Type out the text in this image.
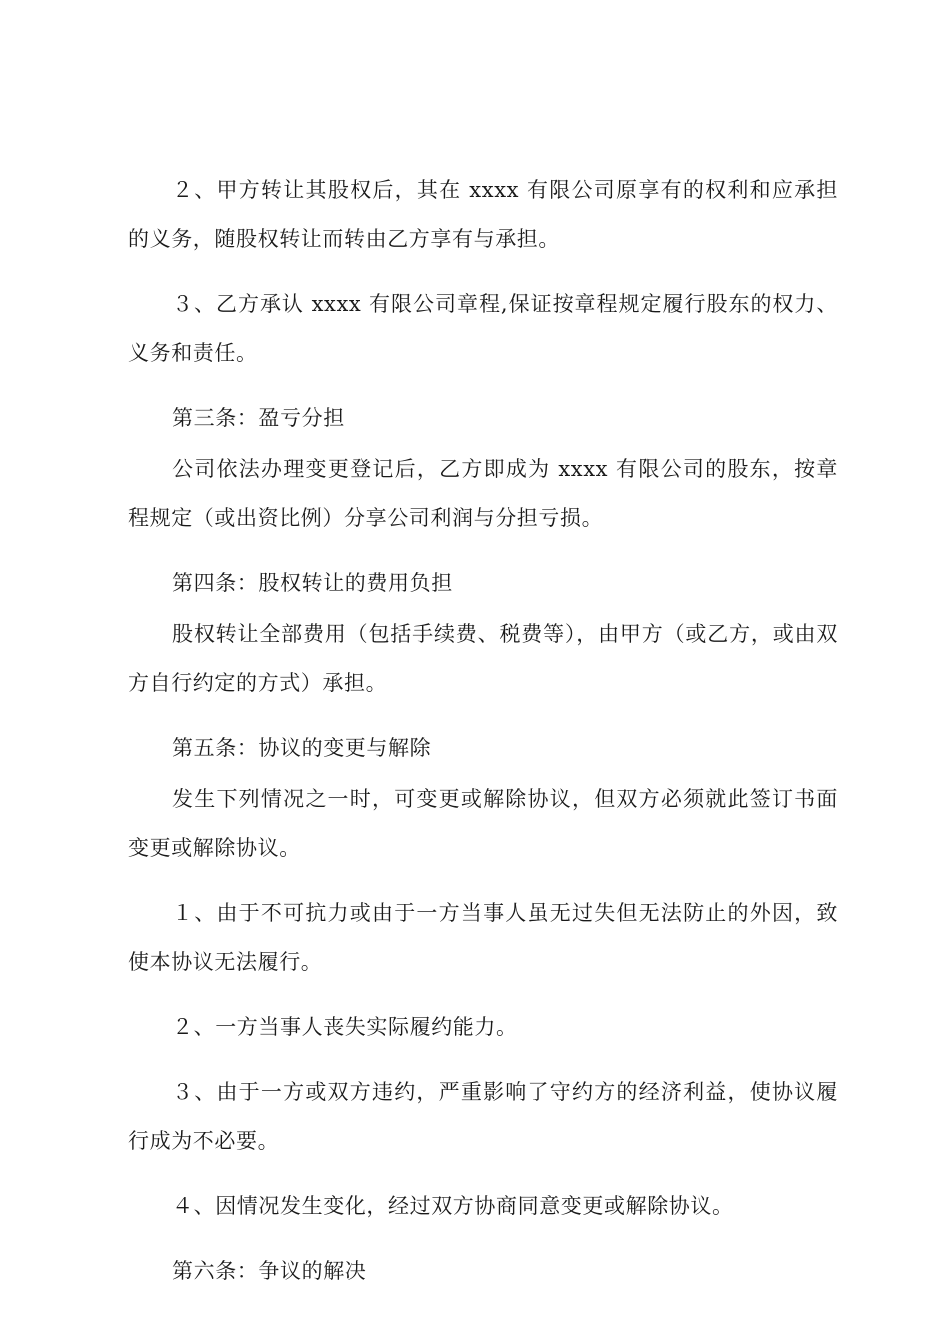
２、甲方转让其股权后，其在 xxxx 有限公司原享有的权利和应承担的义务，随股权转让而转由乙方享有与承担。

３、乙方承认 xxxx 有限公司章程,保证按章程规定履行股东的权力、义务和责任。

第三条：盈亏分担

公司依法办理变更登记后，乙方即成为 xxxx 有限公司的股东，按章程规定（或出资比例）分享公司利润与分担亏损。

第四条：股权转让的费用负担

股权转让全部费用（包括手续费、税费等），由甲方（或乙方，或由双方自行约定的方式）承担。

第五条：协议的变更与解除

发生下列情况之一时，可变更或解除协议，但双方必须就此签订书面变更或解除协议。

１、由于不可抗力或由于一方当事人虽无过失但无法防止的外因，致使本协议无法履行。

２、一方当事人丧失实际履约能力。

３、由于一方或双方违约，严重影响了守约方的经济利益，使协议履行成为不必要。

４、因情况发生变化，经过双方协商同意变更或解除协议。

第六条：争议的解决
